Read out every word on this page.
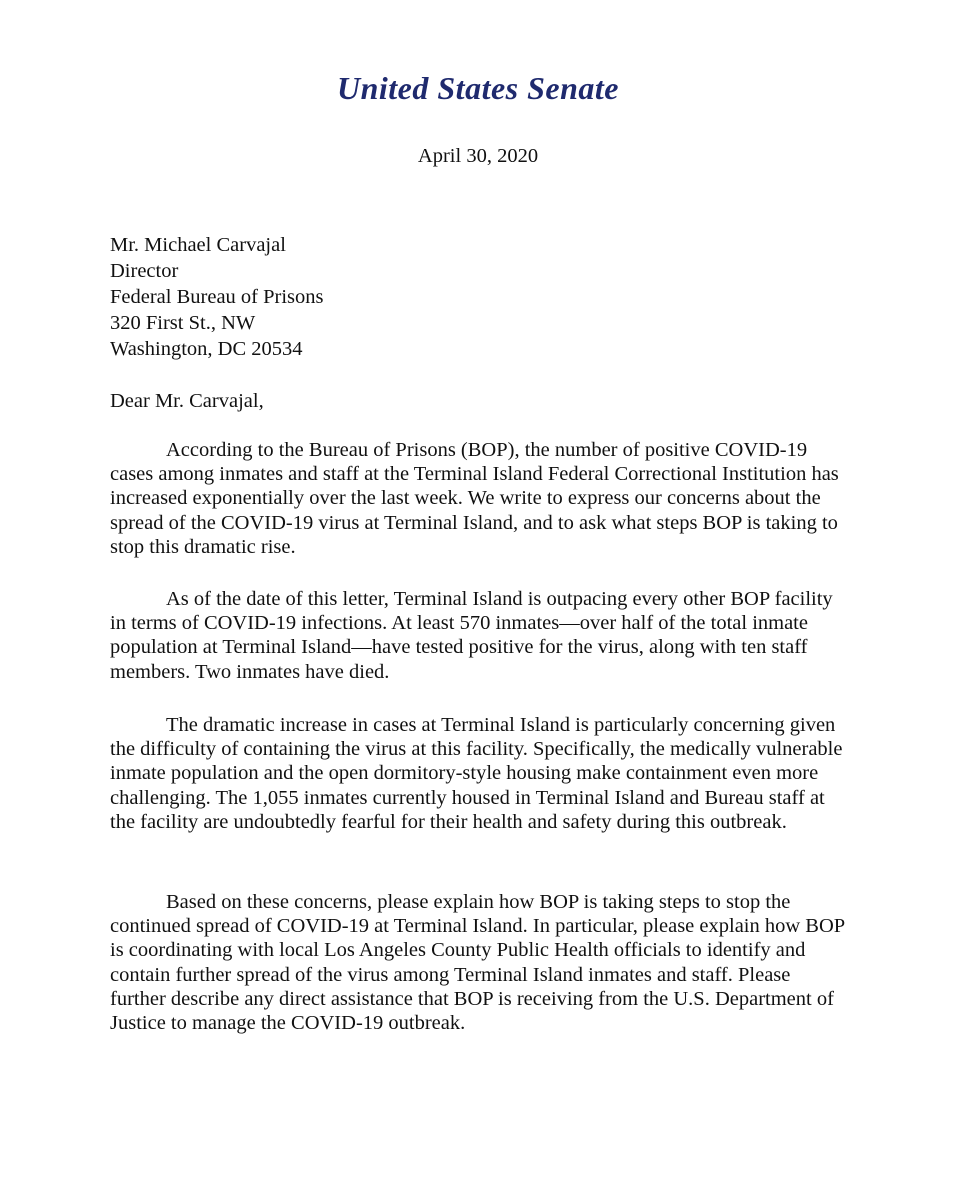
United States Senate
April 30, 2020
Mr. Michael Carvajal
Director
Federal Bureau of Prisons
320 First St., NW
Washington, DC 20534
Dear Mr. Carvajal,

According to the Bureau of Prisons (BOP), the number of positive COVID-19 cases among inmates and staff at the Terminal Island Federal Correctional Institution has increased exponentially over the last week. We write to express our concerns about the spread of the COVID-19 virus at Terminal Island, and to ask what steps BOP is taking to stop this dramatic rise.

As of the date of this letter, Terminal Island is outpacing every other BOP facility in terms of COVID-19 infections. At least 570 inmates—over half of the total inmate population at Terminal Island—have tested positive for the virus, along with ten staff members. Two inmates have died.

The dramatic increase in cases at Terminal Island is particularly concerning given the difficulty of containing the virus at this facility. Specifically, the medically vulnerable inmate population and the open dormitory-style housing make containment even more challenging. The 1,055 inmates currently housed in Terminal Island and Bureau staff at the facility are undoubtedly fearful for their health and safety during this outbreak.

Based on these concerns, please explain how BOP is taking steps to stop the continued spread of COVID-19 at Terminal Island. In particular, please explain how BOP is coordinating with local Los Angeles County Public Health officials to identify and contain further spread of the virus among Terminal Island inmates and staff. Please further describe any direct assistance that BOP is receiving from the U.S. Department of Justice to manage the COVID-19 outbreak.
